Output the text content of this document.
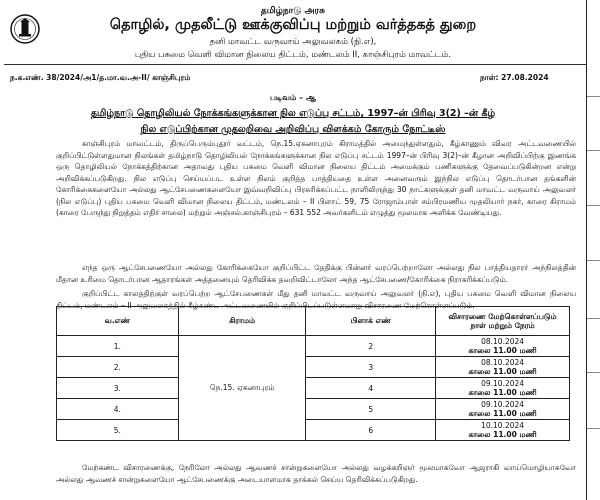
தமிழ்நாடு அரசு
தொழில், முதலீட்டு ஊக்குவிப்பு மற்றும் வர்த்தகத் துறை
தனி மாவட்ட வருவாய் அலுவலகம் (நி.எ),
புதிய பசுமை வெளி விமான நிலைய திட்டம், மண்டலம் II, காஞ்சிபுரம் மாவட்டம்.
ந.க.எண். 38/2024/அ1/த.மா.வ.அ-II/ காஞ்சிபுரம்	நாள்: 27.08.2024
படிவம் – ஆ
தமிழ்நாடு தொழிலியல் நோக்கங்களுக்கான நில எடுப்பு சட்டம், 1997–ன் பிரிவு 3(2) –ன் கீழ்
நில எடுப்பிற்கான முதலறிவை அறிவிப்பு விளக்கம் கோரும் நோட்டீஸ்

காஞ்சிபுரம் மாவட்டம், திருப்பெரும்புதூர் வட்டம், நெ.15.ஏகனாபுரம் கிராமத்தில் அமைந்துள்ளதும், கீழ்காணும் விவர அட்டவணையில் குறிப்பிட்டுள்ளதுமான நிலங்கள் தமிழ்நாடு தொழிலியல் நோக்கங்களுக்கான நில எடுப்பு சட்டம் 1997–ன் பிரிவு 3(2)–ன் கீழான அறிவிப்பிற்கு இணங்க ஒரு தொழிலியல் நோக்கத்திற்கான அதாவது புதிய பசுமை வெளி விமான நிலைய திட்டம் அமைக்கும் பணிகளுக்கு தேவைப்படுகின்றன என்று அறிவிக்கப்படுகிறது. நில எடுப்பு செய்யப்பட உள்ள நிலம் குறித்த பாத்தியதை உள்ள அனைவரும் இந்நில எடுப்பு தொடர்பான தங்களின் கோரிக்கைகளையோ அல்லது ஆட்சேபணைகளையோ இவ்வறிவிப்பு பிரசுரிக்கப்பட்ட நாளிலிருந்து 30 நாட்களுக்குள் தனி மாவட்ட வருவாய் அலுவலர் (நில எடுப்பு) புதிய பசுமை வெளி விமான நிலைய திட்டம், மண்டலம் – II பிளாட் 59, 75 ரோஜாம்பாள் சம்பிரமணிய முதலியார் நகர், காரை கிராமம் (காரை பேருந்து நிறுத்தம் எதிர் சாலை) மற்றும் அஞ்சல்.காஞ்சிபுரம் – 631 552 அவர்களிடம் எழுத்து மூலமாக அளிக்க வேண்டியது.

எந்த ஒரு ஆட்சேபணையோ அல்லது கோரிக்கையோ குறிப்பிட்ட தேதிக்கு பின்னர் வரப்பெற்றாலோ அல்லது நில பாத்தியதாரர் அந்நிலத்தின் மீதான உரிமை தொடர்பான ஆதாரங்கள் அத்தனையும் தெரிவிக்க தவறிவிட்டாலோ அந்த ஆட்சேபணை/கோரிக்கை நிராகரிக்கப்படும்.

குறிப்பிட்ட காலத்திற்குள் வரப்பெற்ற ஆட்சேபணைகள் மீது தனி மாவட்ட வருவாய் அலுவலர் (நி.எ), புதிய பசுமை வெளி விமான நிலைய திட்டம், மண்டலம் – II அலுவலகத்தில் கீழ்கண்ட அட்டவணையில் குறிப்பிடப்படுள்ளவாறு விசாரணை மேற்கொள்ளப்படும்.

வ.எண்	கிராமம்	பிளாக் எண்	விசாரணை மேற்கொள்ளப்படும்
நாள் மற்றும் நேரம்

1.	நெ.15. ஏகனாபுரம்	2	08.10.2024
காலை 11.00 மணி

2.		3	08.10.2024
காலை 11.00 மணி

3.		4	09.10.2024
காலை 11.00 மணி

4.		5	09.10.2024
காலை 11.00 மணி

5.		6	10.10.2024
காலை 11.00 மணி

மேற்கண்ட விசாரணைக்கு, நேரிலோ அல்லது ஆவணச் சான்றுகளையோ அல்லது வழக்கறிஞர் மூலமாகவோ ஆஜராகி வாய்மொழியாகவோ அல்லது ஆவணச் சான்றுகளையோ ஆட்சேபணைக்கு அடையாளமாக தாக்கல் செய்ய தெரிவிக்கப்படுகிறது.
